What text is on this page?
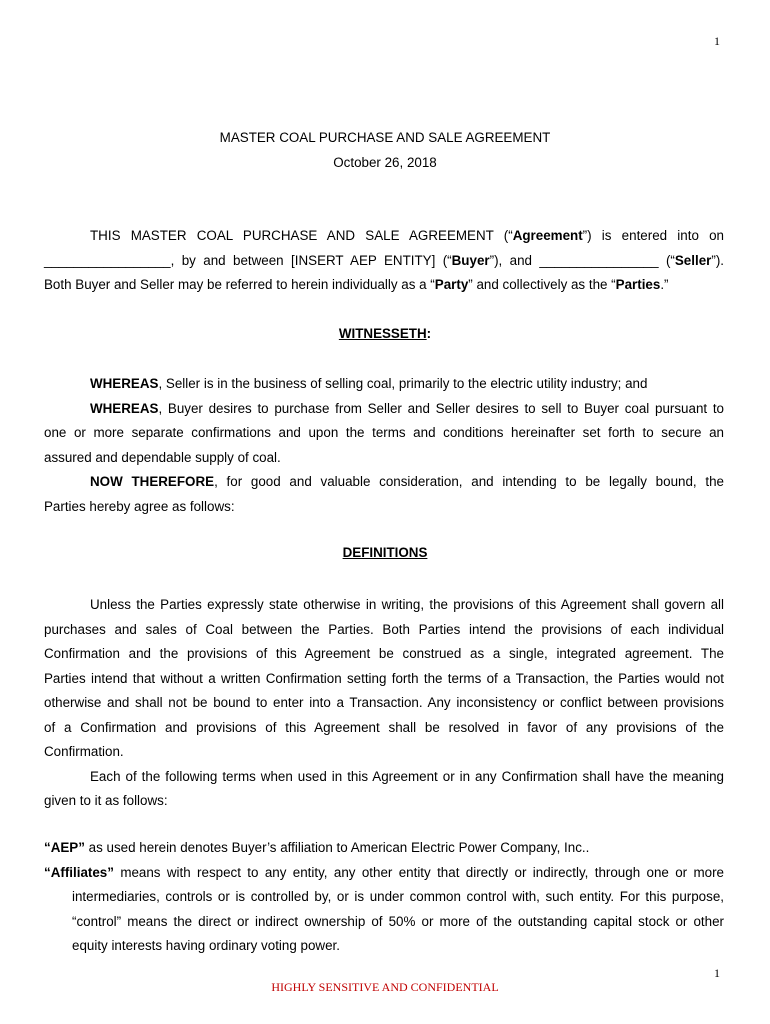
1
MASTER COAL PURCHASE AND SALE AGREEMENT
October 26, 2018
THIS MASTER COAL PURCHASE AND SALE AGREEMENT (“Agreement”) is entered into on
_________________, by and between [INSERT AEP ENTITY] (“Buyer”), and ________________ (“Seller”).
Both Buyer and Seller may be referred to herein individually as a “Party” and collectively as the “Parties.”
WITNESSETH:
WHEREAS, Seller is in the business of selling coal, primarily to the electric utility industry; and
WHEREAS, Buyer desires to purchase from Seller and Seller desires to sell to Buyer coal pursuant to
one or more separate confirmations and upon the terms and conditions hereinafter set forth to secure an
assured and dependable supply of coal.
NOW THEREFORE, for good and valuable consideration, and intending to be legally bound, the
Parties hereby agree as follows:
DEFINITIONS
Unless the Parties expressly state otherwise in writing, the provisions of this Agreement shall govern all
purchases and sales of Coal between the Parties. Both Parties intend the provisions of each individual
Confirmation and the provisions of this Agreement be construed as a single, integrated agreement. The
Parties intend that without a written Confirmation setting forth the terms of a Transaction, the Parties would not
otherwise and shall not be bound to enter into a Transaction. Any inconsistency or conflict between provisions
of a Confirmation and provisions of this Agreement shall be resolved in favor of any provisions of the
Confirmation.
Each of the following terms when used in this Agreement or in any Confirmation shall have the meaning
given to it as follows:
“AEP” as used herein denotes Buyer’s affiliation to American Electric Power Company, Inc..
“Affiliates” means with respect to any entity, any other entity that directly or indirectly, through one or more
intermediaries, controls or is controlled by, or is under common control with, such entity. For this purpose,
“control” means the direct or indirect ownership of 50% or more of the outstanding capital stock or other
equity interests having ordinary voting power.
1
HIGHLY SENSITIVE AND CONFIDENTIAL
